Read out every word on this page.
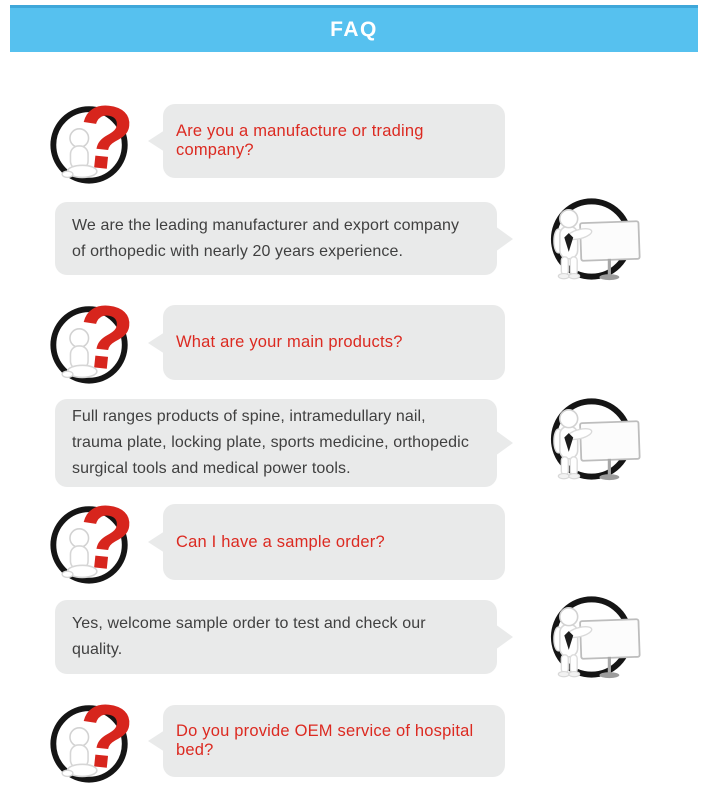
FAQ
Are you a manufacture or trading company?
We are the leading manufacturer and export company of orthopedic with nearly 20 years experience.
What are your main products?
Full ranges products of spine, intramedullary nail, trauma plate, locking plate, sports medicine, orthopedic surgical tools and medical power tools.
Can I have a sample order?
Yes, welcome sample order to test and check our quality.
Do you provide OEM service of hospital bed?
